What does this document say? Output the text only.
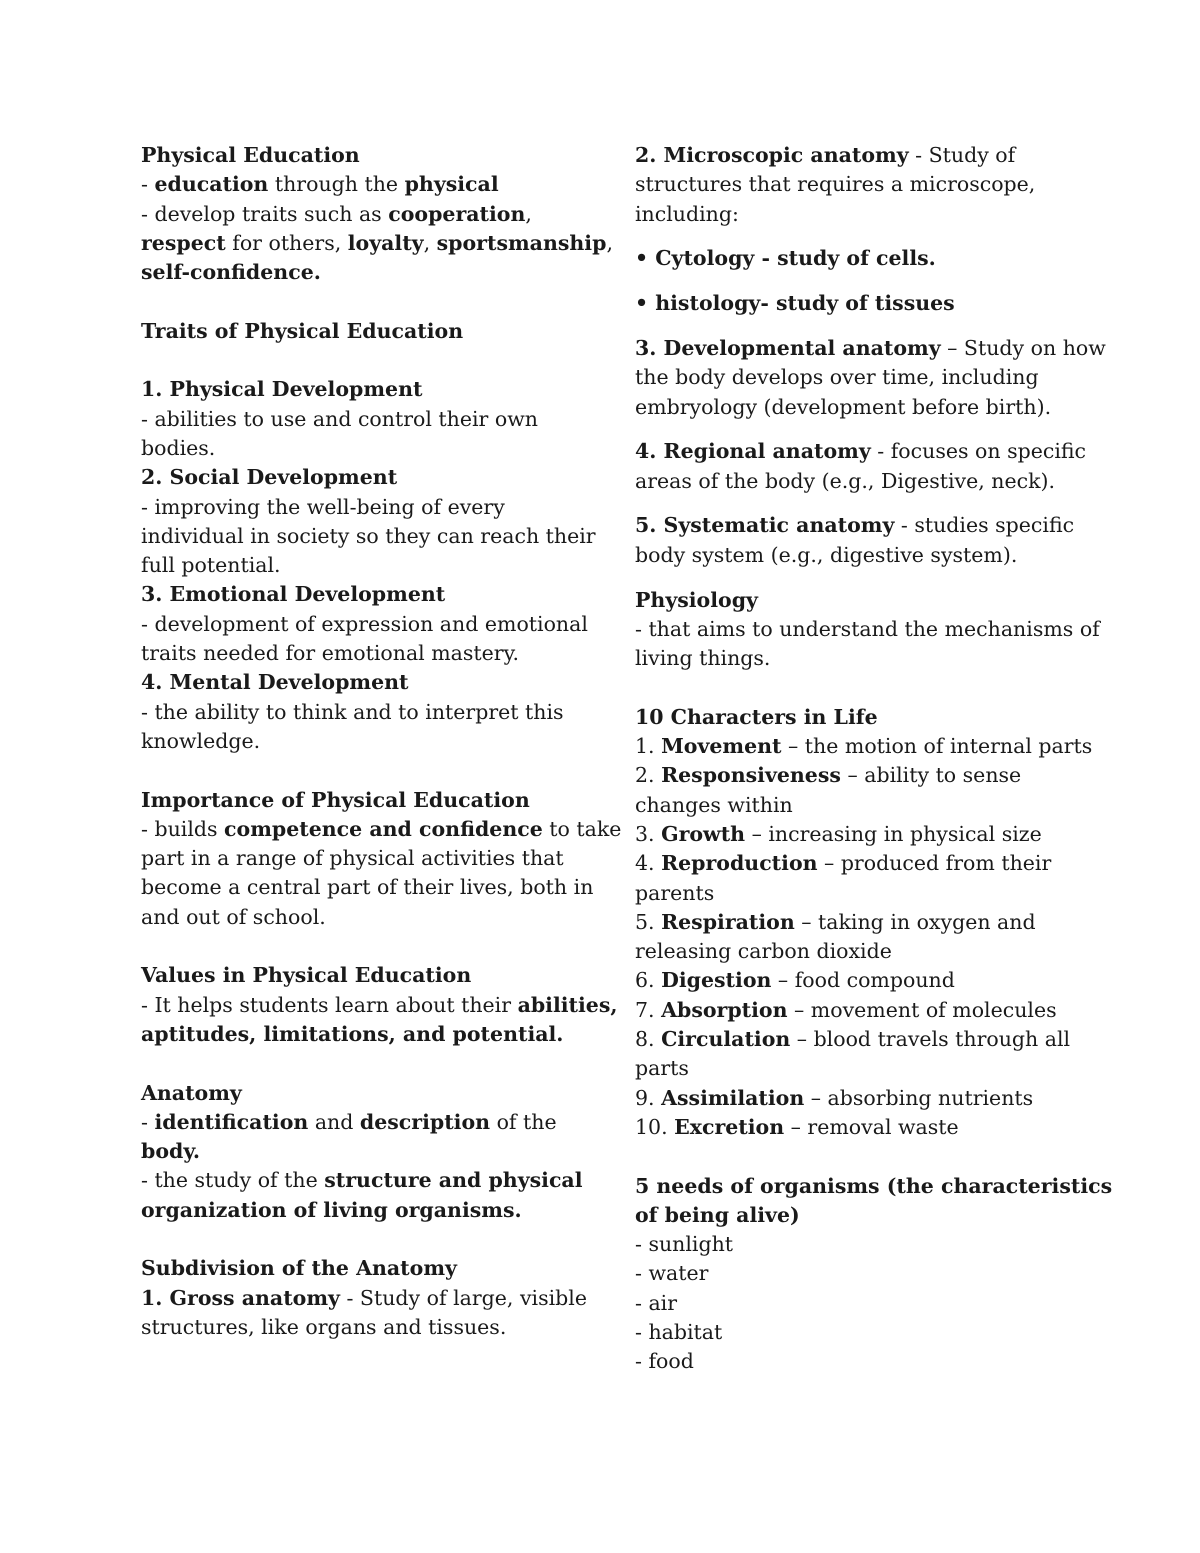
Physical Education
- education through the physical
- develop traits such as cooperation,
respect for others, loyalty, sportsmanship,
self-confidence.
Traits of Physical Education
1. Physical Development
- abilities to use and control their own
bodies.
2. Social Development
- improving the well-being of every
individual in society so they can reach their
full potential.
3. Emotional Development
- development of expression and emotional
traits needed for emotional mastery.
4. Mental Development
- the ability to think and to interpret this
knowledge.
Importance of Physical Education
- builds competence and confidence to take
part in a range of physical activities that
become a central part of their lives, both in
and out of school.
Values in Physical Education
- It helps students learn about their abilities,
aptitudes, limitations, and potential.
Anatomy
- identification and description of the
body.
- the study of the structure and physical
organization of living organisms.
Subdivision of the Anatomy
1. Gross anatomy - Study of large, visible
structures, like organs and tissues.
2. Microscopic anatomy - Study of
structures that requires a microscope,
including:
• Cytology - study of cells.
• histology- study of tissues
3. Developmental anatomy – Study on how
the body develops over time, including
embryology (development before birth).
4. Regional anatomy - focuses on specific
areas of the body (e.g., Digestive, neck).
5. Systematic anatomy - studies specific
body system (e.g., digestive system).
Physiology
- that aims to understand the mechanisms of
living things.
10 Characters in Life
1. Movement – the motion of internal parts
2. Responsiveness – ability to sense
changes within
3. Growth – increasing in physical size
4. Reproduction – produced from their
parents
5. Respiration – taking in oxygen and
releasing carbon dioxide
6. Digestion – food compound
7. Absorption – movement of molecules
8. Circulation – blood travels through all
parts
9. Assimilation – absorbing nutrients
10. Excretion – removal waste
5 needs of organisms (the characteristics
of being alive)
- sunlight
- water
- air
- habitat
- food
